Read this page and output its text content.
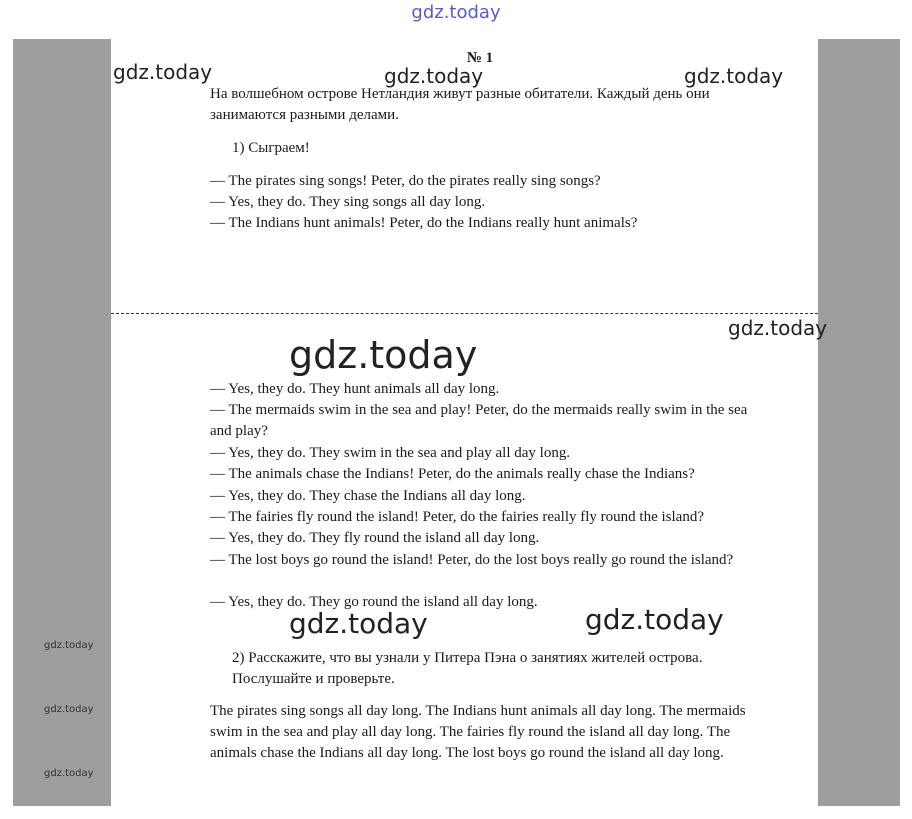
gdz.today
gdz.today	gdz.today	gdz.today
gdz.today
gdz.today
gdz.today	gdz.today
gdz.today
gdz.today
gdz.today
№ 1
На волшебном острове Нетландия живут разные обитатели. Каждый день они занимаются разными делами.
1) Сыграем!
— The pirates sing songs! Peter, do the pirates really sing songs?
— Yes, they do. They sing songs all day long.
— The Indians hunt animals! Peter, do the Indians really hunt animals?
— Yes, they do. They hunt animals all day long.
— The mermaids swim in the sea and play! Peter, do the mermaids really swim in the sea and play?
— Yes, they do. They swim in the sea and play all day long.
— The animals chase the Indians! Peter, do the animals really chase the Indians?
— Yes, they do. They chase the Indians all day long.
— The fairies fly round the island! Peter, do the fairies really fly round the island?
— Yes, they do. They fly round the island all day long.
— The lost boys go round the island! Peter, do the lost boys really go round the island?
— Yes, they do. They go round the island all day long.
2) Расскажите, что вы узнали у Питера Пэна о занятиях жителей острова. Послушайте и проверьте.
The pirates sing songs all day long. The Indians hunt animals all day long. The mermaids swim in the sea and play all day long. The fairies fly round the island all day long. The animals chase the Indians all day long. The lost boys go round the island all day long.
